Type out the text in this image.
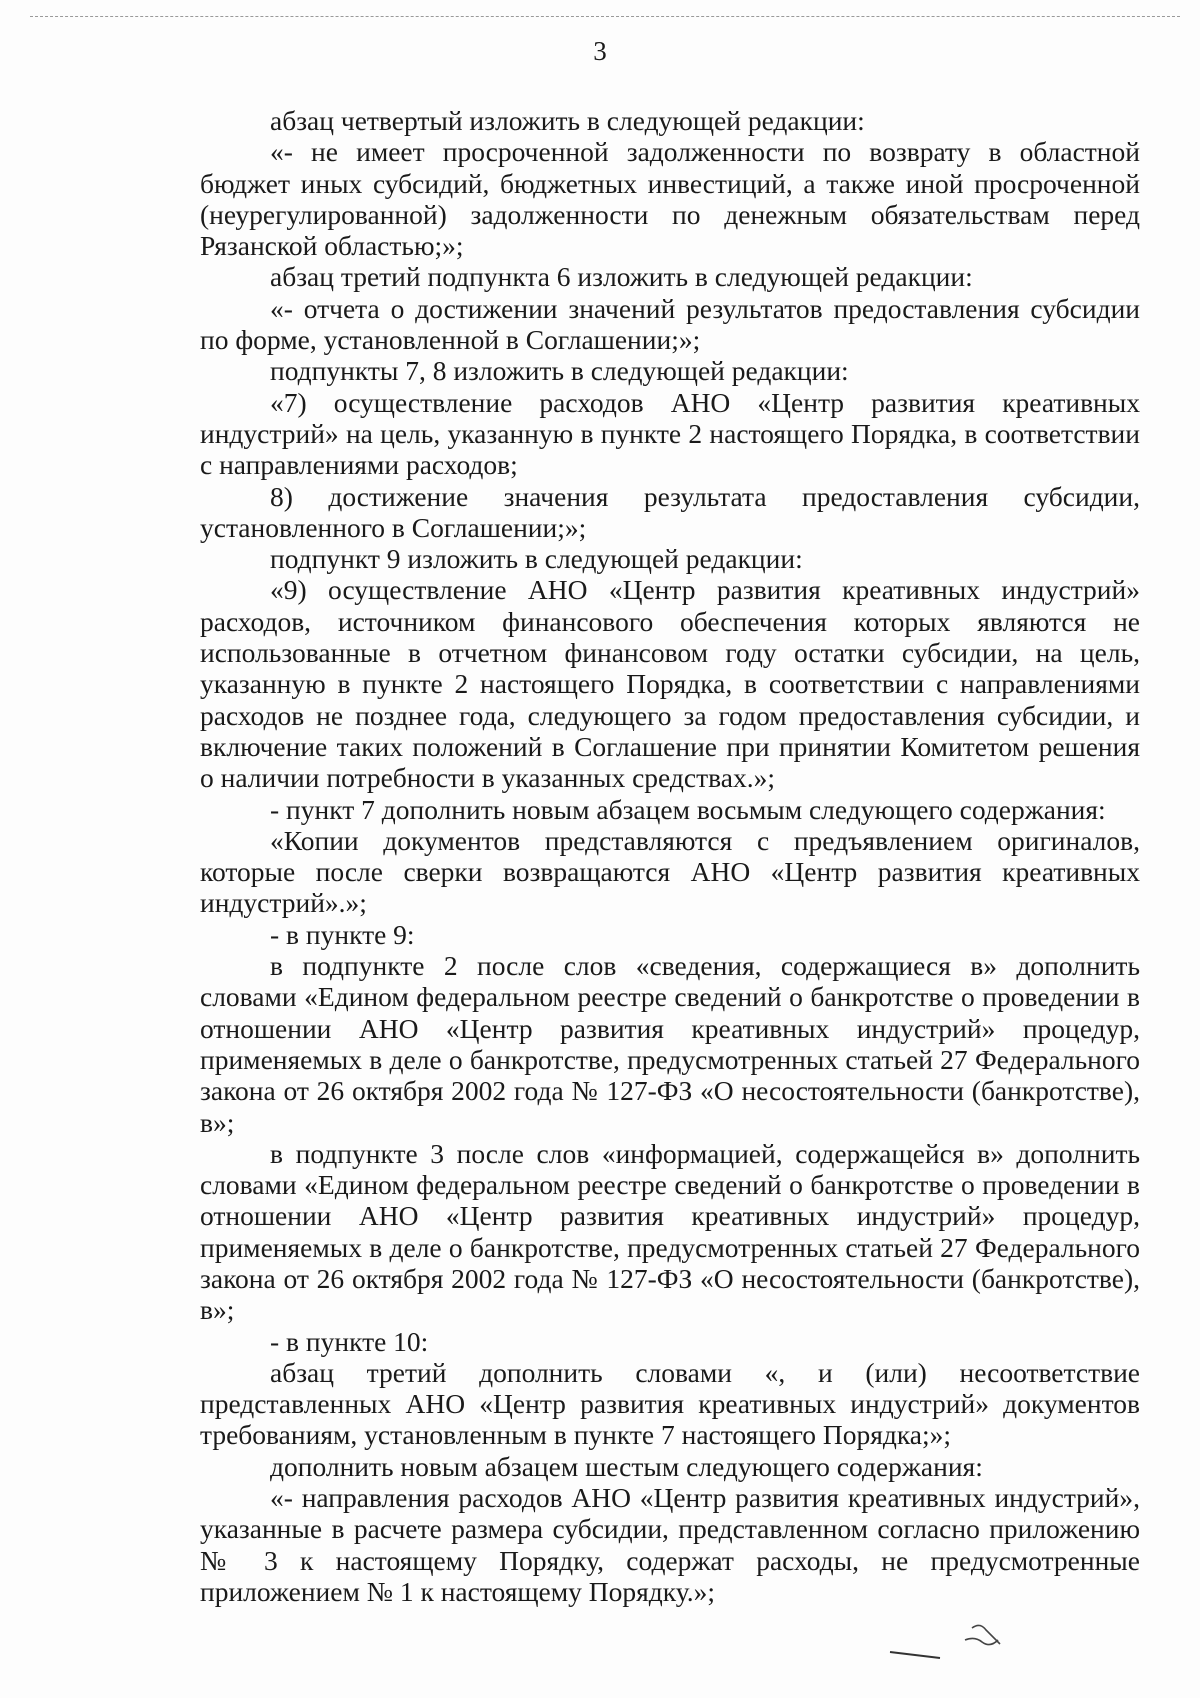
3

абзац четвертый изложить в следующей редакции:

«- не имеет просроченной задолженности по возврату в областной бюджет иных субсидий, бюджетных инвестиций, а также иной просроченной (неурегулированной) задолженности по денежным обязательствам перед Рязанской областью;»;

абзац третий подпункта 6 изложить в следующей редакции:

«- отчета о достижении значений результатов предоставления субсидии по форме, установленной в Соглашении;»;

подпункты 7, 8 изложить в следующей редакции:

«7) осуществление расходов АНО «Центр развития креативных индустрий» на цель, указанную в пункте 2 настоящего Порядка, в соответствии с направлениями расходов;

8) достижение значения результата предоставления субсидии, установленного в Соглашении;»;

подпункт 9 изложить в следующей редакции:

«9) осуществление АНО «Центр развития креативных индустрий» расходов, источником финансового обеспечения которых являются не использованные в отчетном финансовом году остатки субсидии, на цель, указанную в пункте 2 настоящего Порядка, в соответствии с направлениями расходов не позднее года, следующего за годом предоставления субсидии, и включение таких положений в Соглашение при принятии Комитетом решения о наличии потребности в указанных средствах.»;

- пункт 7 дополнить новым абзацем восьмым следующего содержания:

«Копии документов представляются с предъявлением оригиналов, которые после сверки возвращаются АНО «Центр развития креативных индустрий».»;

- в пункте 9:

в подпункте 2 после слов «сведения, содержащиеся в» дополнить словами «Едином федеральном реестре сведений о банкротстве о проведении в отношении АНО «Центр развития креативных индустрий» процедур, применяемых в деле о банкротстве, предусмотренных статьей 27 Федерального закона от 26 октября 2002 года № 127-ФЗ «О несостоятельности (банкротстве), в»;

в подпункте 3 после слов «информацией, содержащейся в» дополнить словами «Едином федеральном реестре сведений о банкротстве о проведении в отношении АНО «Центр развития креативных индустрий» процедур, применяемых в деле о банкротстве, предусмотренных статьей 27 Федерального закона от 26 октября 2002 года № 127-ФЗ «О несостоятельности (банкротстве), в»;

- в пункте 10:

абзац третий дополнить словами «, и (или) несоответствие представленных АНО «Центр развития креативных индустрий» документов требованиям, установленным в пункте 7 настоящего Порядка;»;

дополнить новым абзацем шестым следующего содержания:

«- направления расходов АНО «Центр развития креативных индустрий», указанные в расчете размера субсидии, представленном согласно приложению № 3 к настоящему Порядку, содержат расходы, не предусмотренные приложением № 1 к настоящему Порядку.»;
